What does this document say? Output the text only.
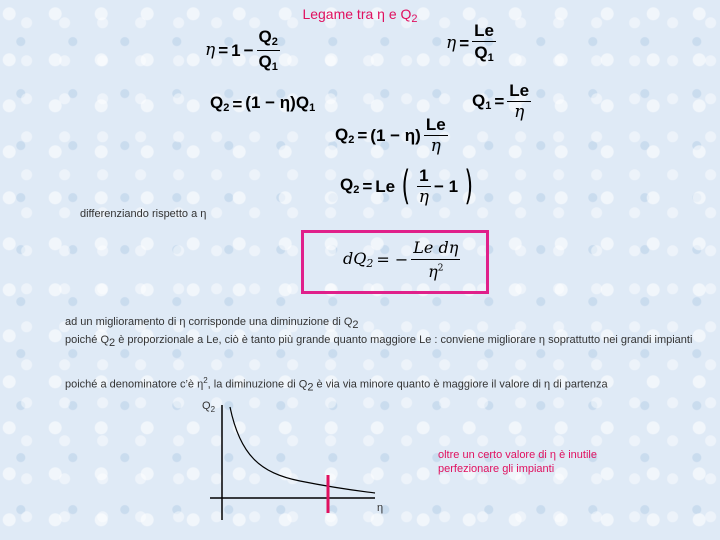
Legame tra η e $Q_2$
$\eta = 1 - \frac{Q_2}{Q_1}$	$\eta = \frac{Le}{Q_1}$
$Q_2 = (1 - \eta)Q_1$	$Q_1 = \frac{Le}{\eta}$
$Q_2 = (1 - \eta) \frac{Le}{\eta}$
$Q_2 = Le$ ( $\frac{1}{\eta} - 1$ )
differenziando rispetto a η
$dQ_2$ = − $\frac{\text{Le dη}}{\eta^2}$
ad un miglioramento di η corrisponde una diminuzione di Q2
poiché Q2 è proporzionale a Le, ciò è tanto più grande quanto maggiore Le : conviene migliorare η soprattutto nei grandi impianti
poiché a denominatore c’è $\eta^2$, la diminuzione di Q2 è via via minore quanto è maggiore il valore di η di partenza
$Q_2$
η
oltre un certo valore di η è inutile perfezionare gli impianti
